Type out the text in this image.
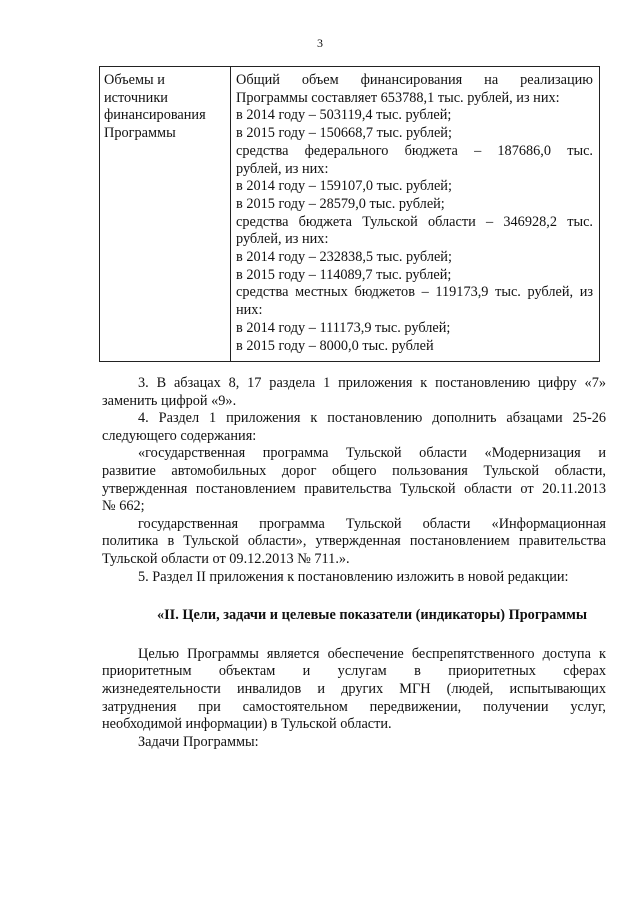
3
Объемы и
источники
финансирования
Программы

Общий объем финансирования на реализацию
Программы составляет 653788,1 тыс. рублей, из них:
в 2014 году – 503119,4 тыс. рублей;
в 2015 году – 150668,7 тыс. рублей;
средства федерального бюджета – 187686,0 тыс.
рублей, из них:
в 2014 году – 159107,0 тыс. рублей;
в 2015 году – 28579,0 тыс. рублей;
средства бюджета Тульской области – 346928,2 тыс.
рублей, из них:
в 2014 году – 232838,5 тыс. рублей;
в 2015 году – 114089,7 тыс. рублей;
средства местных бюджетов – 119173,9 тыс. рублей, из
них:
в 2014 году – 111173,9 тыс. рублей;
в 2015 году – 8000,0 тыс. рублей
3. В абзацах 8, 17 раздела 1 приложения к постановлению цифру «7»
заменить цифрой «9».
4. Раздел 1 приложения к постановлению дополнить абзацами 25-26
следующего содержания:
«государственная программа Тульской области «Модернизация и
развитие автомобильных дорог общего пользования Тульской области,
утвержденная постановлением правительства Тульской области от 20.11.2013
№ 662;
государственная программа Тульской области «Информационная
политика в Тульской области», утвержденная постановлением правительства
Тульской области от 09.12.2013 № 711.».
5. Раздел II приложения к постановлению изложить в новой редакции:
«II. Цели, задачи и целевые показатели (индикаторы) Программы
Целью Программы является обеспечение беспрепятственного доступа к
приоритетным объектам и услугам в приоритетных сферах
жизнедеятельности инвалидов и других МГН (людей, испытывающих
затруднения при самостоятельном передвижении, получении услуг,
необходимой информации) в Тульской области.
Задачи Программы:
